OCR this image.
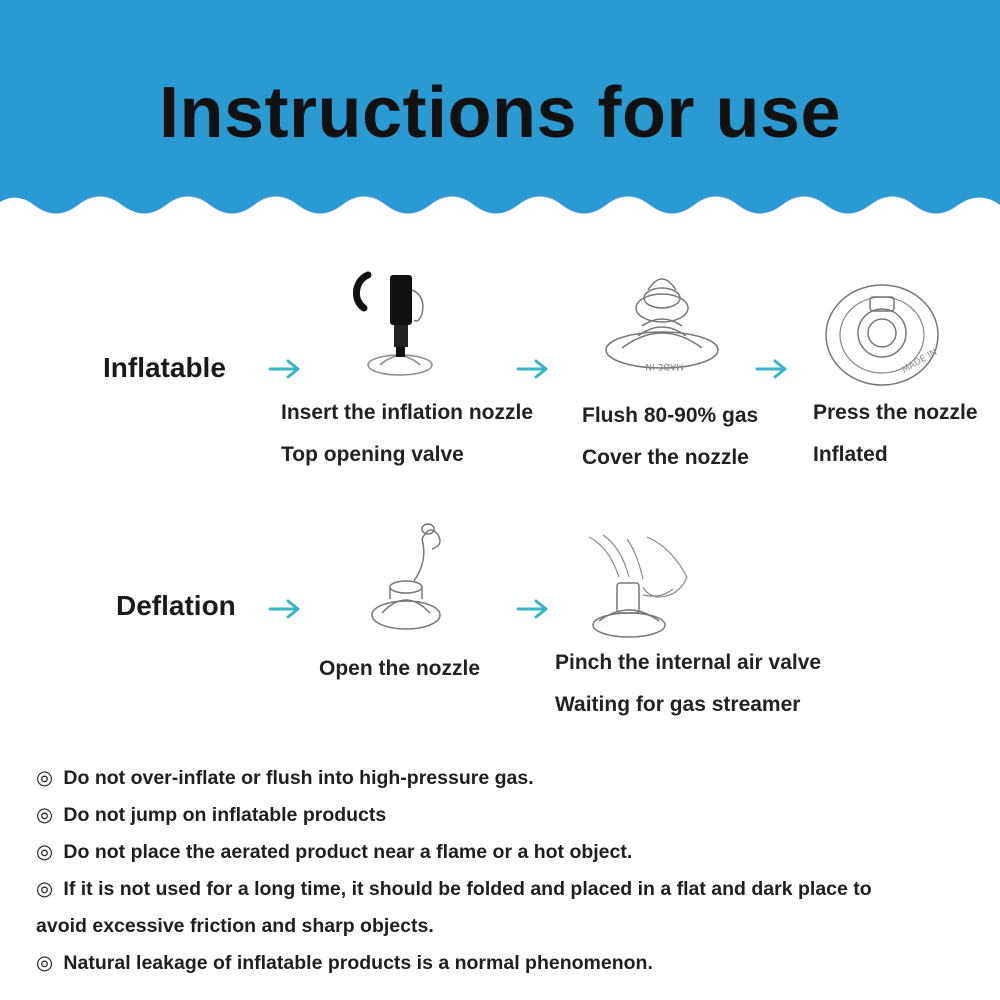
Instructions for use
Inflatable	MADE IN	MADE IN
Insert the inflation nozzle
Top opening valve
Flush 80-90% gas
Cover the nozzle
Press the nozzle
Inflated
Deflation
Open the nozzle	Pinch the internal air valve
Waiting for gas streamer
◎ Do not over-inflate or flush into high-pressure gas.
◎ Do not jump on inflatable products
◎ Do not place the aerated product near a flame or a hot object.
◎ If it is not used for a long time, it should be folded and placed in a flat and dark place to
avoid excessive friction and sharp objects.
◎ Natural leakage of inflatable products is a normal phenomenon.
